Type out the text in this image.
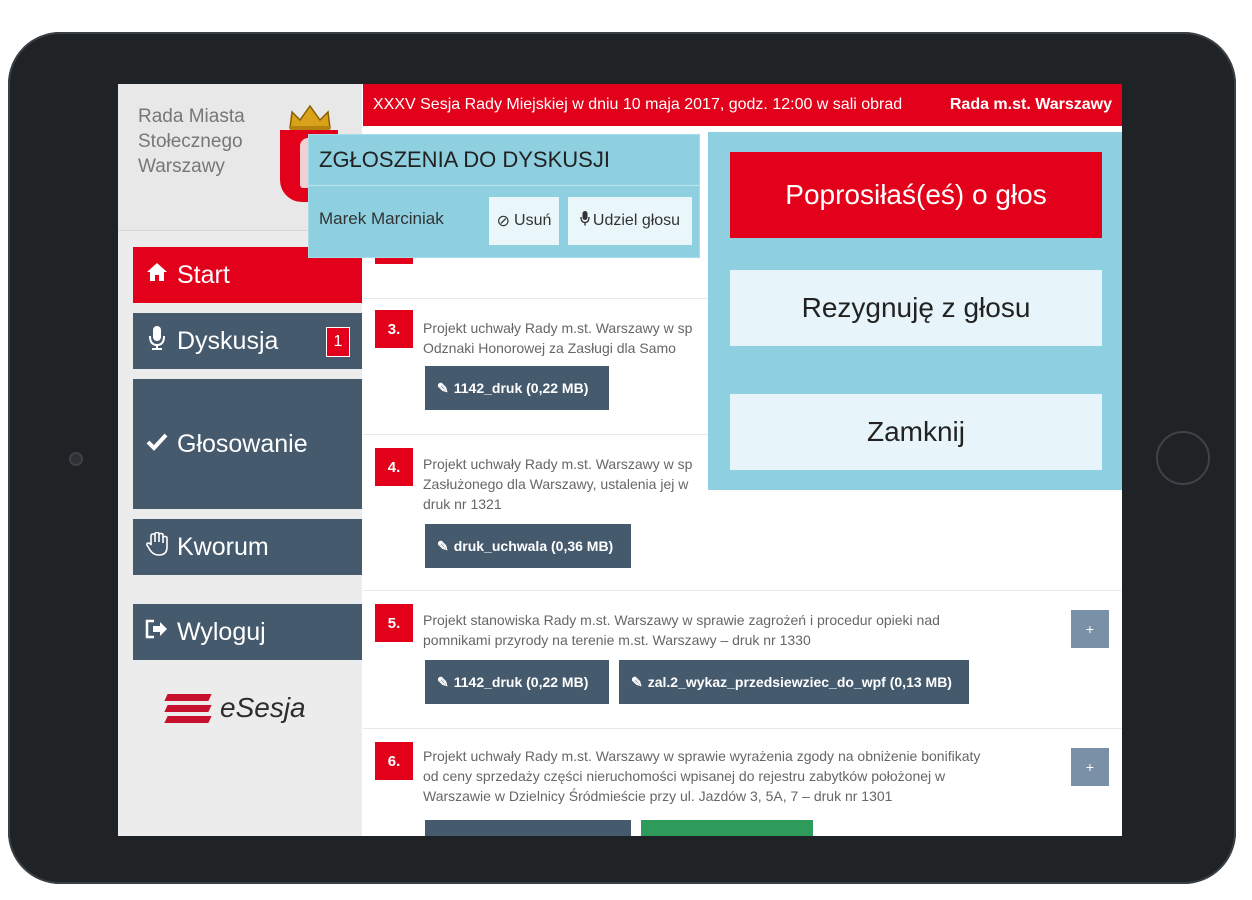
Rada Miasta Stołecznego Warszawy
Start
Dyskusja	1
Głosowanie
Kworum
Wyloguj
eSesja
XXXV Sesja Rady Miejskiej w dniu 10 maja 2017, godz. 12:00 w sali obrad	Rada m.st. Warszawy
3.	Projekt uchwały Rady m.st. Warszawy w sp
Odznaki Honorowej za Zasługi dla Samo
✎ 1142_druk (0,22 MB)
4.	Projekt uchwały Rady m.st. Warszawy w sp
Zasłużonego dla Warszawy, ustalenia jej w
druk nr 1321
✎ druk_uchwala (0,36 MB)
5.	Projekt stanowiska Rady m.st. Warszawy w sprawie zagrożeń i procedur opieki nad
pomnikami przyrody na terenie m.st. Warszawy – druk nr 1330
+
✎ 1142_druk (0,22 MB)	✎ zal.2_wykaz_przedsiewziec_do_wpf (0,13 MB)
6.	Projekt uchwały Rady m.st. Warszawy w sprawie wyrażenia zgody na obniżenie bonifikaty
od ceny sprzedaży części nieruchomości wpisanej do rejestru zabytków położonej w
Warszawie w Dzielnicy Śródmieście przy ul. Jazdów 3, 5A, 7 – druk nr 1301
+
ZGŁOSZENIA DO DYSKUSJI
Marek Marciniak	⊘ Usuń	Udziel głosu
Poprosiłaś(eś) o głos
Rezygnuję z głosu
Zamknij
